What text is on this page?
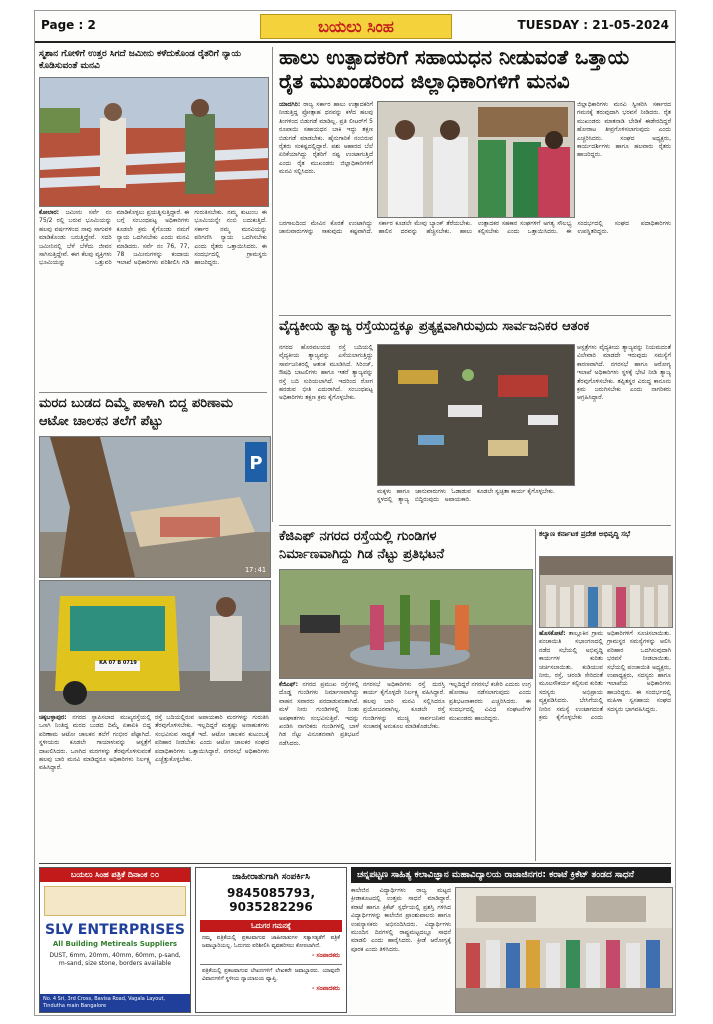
Page : 2	ಬಯಲು ಸಿಂಹ	TUESDAY : 21-05-2024
ಸ್ಮಶಾನ ಗೋಳಿಗೆ ಉತ್ತರ ಸಿಗದೆ ಜಮೀನು ಕಳೆದುಕೊಂಡ ರೈತರಿಗೆ ನ್ಯಾಯ ಕೊಡಿಸುವಂತೆ ಮನವಿ
ಕೋಲಾರ: ಜಮೀನು ಸರ್ವೆ ನಂ 75/2 ರಲ್ಲಿ ಬರುವ ಭೂಮಿಯನ್ನು ಹಲವು ವರ್ಷಗಳಿಂದ ನಾವು ಸಾಗುವಳಿ ಮಾಡಿಕೊಂಡು ಬರುತ್ತಿದ್ದೇವೆ. ಸದರಿ ಜಮೀನಿನಲ್ಲಿ ಬೆಳೆ ಬೆಳೆದು ಜೀವನ ಸಾಗಿಸುತ್ತಿದ್ದೇವೆ. ಈಗ ಕೆಲವು ವ್ಯಕ್ತಿಗಳು ಭೂಮಿಯನ್ನು ಒತ್ತುವರಿ ಮಾಡಿಕೊಳ್ಳಲು ಪ್ರಯತ್ನಿಸುತ್ತಿದ್ದಾರೆ. ಈ ಬಗ್ಗೆ ಸಂಬಂಧಪಟ್ಟ ಅಧಿಕಾರಿಗಳು ಕೂಡಲೇ ಕ್ರಮ ಕೈಗೊಂಡು ನಮಗೆ ನ್ಯಾಯ ಒದಗಿಸಬೇಕು ಎಂದು ಮನವಿ ಮಾಡಿದರು. ಸರ್ವೆ ನಂ 76, 77, 78 ಜಮೀನುಗಳನ್ನು ಕಂದಾಯ ಇಲಾಖೆ ಅಧಿಕಾರಿಗಳು ಪರಿಶೀಲಿಸಿ ಗಡಿ ಗುರುತಿಸಬೇಕು. ನಮ್ಮ ಕುಟುಂಬ ಈ ಭೂಮಿಯನ್ನೇ ನಂಬಿ ಬದುಕುತ್ತಿದೆ. ಸರ್ಕಾರ ನಮ್ಮ ಮನವಿಯನ್ನು ಪರಿಗಣಿಸಿ ನ್ಯಾಯ ಒದಗಿಸಬೇಕು ಎಂದು ರೈತರು ಒತ್ತಾಯಿಸಿದರು. ಈ ಸಂದರ್ಭದಲ್ಲಿ ಗ್ರಾಮಸ್ಥರು ಹಾಜರಿದ್ದರು.
ಮರದ ಬುಡದ ದಿಮ್ಮೆ ಪಾಳಾಗಿ ಬಿದ್ದ ಪರಿಣಾಮ ಆಟೋ ಚಾಲಕನ ತಲೆಗೆ ಪೆಟ್ಟು
P
17:41
KA 07 B 0719
ಚಿಕ್ಕಬಳ್ಳಾಪುರ: ನಗರದ ಸ್ಥಾಪಿಸಲಾದ ಮುಖ್ಯರಸ್ತೆಯಲ್ಲಿ ಒಣಗಿ ನಿಂತಿದ್ದ ಮರದ ಬುಡದ ದಿಮ್ಮೆ ಏಕಾಏಕಿ ಬಿದ್ದ ಪರಿಣಾಮ ಆಟೋ ಚಾಲಕನ ತಲೆಗೆ ಗಂಭೀರ ಪೆಟ್ಟಾಗಿದೆ. ಸ್ಥಳೀಯರು ಕೂಡಲೇ ಗಾಯಾಳುವನ್ನು ಆಸ್ಪತ್ರೆಗೆ ದಾಖಲಿಸಿದರು. ಒಣಗಿದ ಮರಗಳನ್ನು ತೆರವುಗೊಳಿಸುವಂತೆ ಹಲವು ಬಾರಿ ಮನವಿ ಮಾಡಿದ್ದರೂ ಅಧಿಕಾರಿಗಳು ನಿರ್ಲಕ್ಷ್ಯ ವಹಿಸಿದ್ದಾರೆ.
ರಸ್ತೆ ಬದಿಯಲ್ಲಿರುವ ಅಪಾಯಕಾರಿ ಮರಗಳನ್ನು ಗುರುತಿಸಿ ತೆರವುಗೊಳಿಸಬೇಕು. ಇಲ್ಲದಿದ್ದರೆ ಮತ್ತಷ್ಟು ಅನಾಹುತಗಳು ಸಂಭವಿಸುವ ಸಾಧ್ಯತೆ ಇದೆ. ಆಟೋ ಚಾಲಕನ ಕುಟುಂಬಕ್ಕೆ ಪರಿಹಾರ ನೀಡಬೇಕು ಎಂದು ಆಟೋ ಚಾಲಕರ ಸಂಘದ ಪದಾಧಿಕಾರಿಗಳು ಒತ್ತಾಯಿಸಿದ್ದಾರೆ. ನಗರಸಭೆ ಅಧಿಕಾರಿಗಳು ಎಚ್ಚೆತ್ತುಕೊಳ್ಳಬೇಕು.
ಹಾಲು ಉತ್ಪಾದಕರಿಗೆ ಸಹಾಯಧನ ನೀಡುವಂತೆ ಒತ್ತಾಯ
ರೈತ ಮುಖಂಡರಿಂದ ಜಿಲ್ಲಾಧಿಕಾರಿಗಳಿಗೆ ಮನವಿ
ಯಾದಗಿರಿ: ರಾಜ್ಯ ಸರ್ಕಾರ ಹಾಲು ಉತ್ಪಾದಕರಿಗೆ ನೀಡುತ್ತಿದ್ದ ಪ್ರೋತ್ಸಾಹ ಧನವನ್ನು ಕಳೆದ ಹಲವು ತಿಂಗಳಿಂದ ಬಿಡುಗಡೆ ಮಾಡಿಲ್ಲ. ಪ್ರತಿ ಲೀಟರ್‌ಗೆ 5 ರೂಪಾಯಿ ಸಹಾಯಧನ ಬಾಕಿ ಇದ್ದು ತಕ್ಷಣ ಬಿಡುಗಡೆ ಮಾಡಬೇಕು. ಹೈನುಗಾರಿಕೆ ನಂಬಿರುವ ರೈತರು ಸಂಕಷ್ಟದಲ್ಲಿದ್ದಾರೆ. ಪಶು ಆಹಾರದ ಬೆಲೆ ಏರಿಕೆಯಾಗಿದ್ದು ರೈತರಿಗೆ ನಷ್ಟ ಉಂಟಾಗುತ್ತಿದೆ ಎಂದು ರೈತ ಮುಖಂಡರು ಜಿಲ್ಲಾಧಿಕಾರಿಗಳಿಗೆ ಮನವಿ ಸಲ್ಲಿಸಿದರು.
ಜಿಲ್ಲಾಧಿಕಾರಿಗಳು ಮನವಿ ಸ್ವೀಕರಿಸಿ ಸರ್ಕಾರದ ಗಮನಕ್ಕೆ ತರುವುದಾಗಿ ಭರವಸೆ ನೀಡಿದರು. ರೈತ ಮುಖಂಡರು ಮಾತನಾಡಿ ಬೇಡಿಕೆ ಈಡೇರದಿದ್ದರೆ ಹೋರಾಟ ತೀವ್ರಗೊಳಿಸಲಾಗುವುದು ಎಂದು ಎಚ್ಚರಿಸಿದರು. ಸಂಘದ ಅಧ್ಯಕ್ಷರು, ಕಾರ್ಯದರ್ಶಿಗಳು ಹಾಗೂ ಹಲವಾರು ರೈತರು ಹಾಜರಿದ್ದರು.
ಬರಗಾಲದಿಂದ ಮೇವಿನ ಕೊರತೆ ಉಂಟಾಗಿದ್ದು ಜಾನುವಾರುಗಳನ್ನು ಸಾಕುವುದು ಕಷ್ಟವಾಗಿದೆ. ಸರ್ಕಾರ ಕೂಡಲೇ ಮೇವು ಬ್ಯಾಂಕ್ ತೆರೆಯಬೇಕು. ಹಾಲಿನ ದರವನ್ನು ಹೆಚ್ಚಿಸಬೇಕು. ಹಾಲು ಉತ್ಪಾದಕರ ಸಹಕಾರ ಸಂಘಗಳಿಗೆ ಅಗತ್ಯ ಸೌಲಭ್ಯ ಕಲ್ಪಿಸಬೇಕು ಎಂದು ಒತ್ತಾಯಿಸಿದರು. ಈ ಸಂದರ್ಭದಲ್ಲಿ ಸಂಘದ ಪದಾಧಿಕಾರಿಗಳು ಉಪಸ್ಥಿತರಿದ್ದರು.
ವೈದ್ಯಕೀಯ ತ್ಯಾಜ್ಯ ರಸ್ತೆಯುದ್ದಕ್ಕೂ ಪ್ರತ್ಯಕ್ಷವಾಗಿರುವುದು ಸಾರ್ವಜನಿಕರ ಆತಂಕ
ನಗರದ ಹೊರವಲಯದ ರಸ್ತೆ ಬದಿಯಲ್ಲಿ ವೈದ್ಯಕೀಯ ತ್ಯಾಜ್ಯವನ್ನು ಎಸೆಯಲಾಗುತ್ತಿದ್ದು ಸಾರ್ವಜನಿಕರಲ್ಲಿ ಆತಂಕ ಮೂಡಿಸಿದೆ. ಸಿರಿಂಜ್, ಔಷಧಿ ಬಾಟಲಿಗಳು ಹಾಗೂ ಇತರೆ ತ್ಯಾಜ್ಯವನ್ನು ರಸ್ತೆ ಬದಿ ಸುರಿಯಲಾಗಿದೆ. ಇದರಿಂದ ರೋಗ ಹರಡುವ ಭೀತಿ ಎದುರಾಗಿದೆ. ಸಂಬಂಧಪಟ್ಟ ಅಧಿಕಾರಿಗಳು ತಕ್ಷಣ ಕ್ರಮ ಕೈಗೊಳ್ಳಬೇಕು.
ಆಸ್ಪತ್ರೆಗಳು ವೈದ್ಯಕೀಯ ತ್ಯಾಜ್ಯವನ್ನು ನಿಯಮದಂತೆ ವಿಲೇವಾರಿ ಮಾಡದೇ ಇರುವುದು ಸಮಸ್ಯೆಗೆ ಕಾರಣವಾಗಿದೆ. ನಗರಸಭೆ ಹಾಗೂ ಆರೋಗ್ಯ ಇಲಾಖೆ ಅಧಿಕಾರಿಗಳು ಸ್ಥಳಕ್ಕೆ ಭೇಟಿ ನೀಡಿ ತ್ಯಾಜ್ಯ ತೆರವುಗೊಳಿಸಬೇಕು. ತಪ್ಪಿತಸ್ಥರ ವಿರುದ್ಧ ಕಾನೂನು ಕ್ರಮ ಜರುಗಿಸಬೇಕು ಎಂದು ನಾಗರಿಕರು ಆಗ್ರಹಿಸಿದ್ದಾರೆ.
ಮಕ್ಕಳು ಹಾಗೂ ಜಾನುವಾರುಗಳು ಓಡಾಡುವ ಸ್ಥಳದಲ್ಲಿ ತ್ಯಾಜ್ಯ ಬಿದ್ದಿರುವುದು ಅಪಾಯಕಾರಿ. ಕೂಡಲೇ ಸ್ವಚ್ಛತಾ ಕಾರ್ಯ ಕೈಗೊಳ್ಳಬೇಕು.
ಕೆಜಿಎಫ್ ನಗರದ ರಸ್ತೆಯಲ್ಲಿ ಗುಂಡಿಗಳ
ನಿರ್ಮಾಣವಾಗಿದ್ದು ಗಿಡ ನೆಟ್ಟು ಪ್ರತಿಭಟನೆ
ಕೆಜಿಎಫ್: ನಗರದ ಪ್ರಮುಖ ರಸ್ತೆಗಳಲ್ಲಿ ದೊಡ್ಡ ಗುಂಡಿಗಳು ನಿರ್ಮಾಣವಾಗಿದ್ದು ವಾಹನ ಸವಾರರು ಪರದಾಡುವಂತಾಗಿದೆ. ಮಳೆ ನೀರು ಗುಂಡಿಗಳಲ್ಲಿ ನಿಂತು ಅಪಘಾತಗಳು ಸಂಭವಿಸುತ್ತಿವೆ. ಇದನ್ನು ಖಂಡಿಸಿ ನಾಗರಿಕರು ಗುಂಡಿಗಳಲ್ಲಿ ಬಾಳೆ ಗಿಡ ನೆಟ್ಟು ವಿನೂತನವಾಗಿ ಪ್ರತಿಭಟನೆ ನಡೆಸಿದರು.
ನಗರಸಭೆ ಅಧಿಕಾರಿಗಳು ರಸ್ತೆ ದುರಸ್ತಿ ಕಾರ್ಯ ಕೈಗೊಳ್ಳದೇ ನಿರ್ಲಕ್ಷ್ಯ ವಹಿಸಿದ್ದಾರೆ. ಹಲವು ಬಾರಿ ಮನವಿ ಸಲ್ಲಿಸಿದರೂ ಪ್ರಯೋಜನವಾಗಿಲ್ಲ. ಕೂಡಲೇ ರಸ್ತೆ ಗುಂಡಿಗಳನ್ನು ಮುಚ್ಚಿ ಸಾರ್ವಜನಿಕರ ಸಂಚಾರಕ್ಕೆ ಅನುಕೂಲ ಮಾಡಿಕೊಡಬೇಕು.
ಇಲ್ಲದಿದ್ದರೆ ನಗರಸಭೆ ಕಚೇರಿ ಎದುರು ಉಗ್ರ ಹೋರಾಟ ನಡೆಸಲಾಗುವುದು ಎಂದು ಪ್ರತಿಭಟನಾಕಾರರು ಎಚ್ಚರಿಸಿದರು. ಈ ಸಂದರ್ಭದಲ್ಲಿ ವಿವಿಧ ಸಂಘಟನೆಗಳ ಮುಖಂಡರು ಹಾಜರಿದ್ದರು.
ಕಲ್ಯಾಣ ಕರ್ನಾಟಕ ಪ್ರದೇಶ ಅಭಿವೃದ್ಧಿ ಸಭೆ
ಹೊಸಕೋಟೆ: ತಾಲ್ಲೂಕಿನ ಗ್ರಾಮ ಪಂಚಾಯಿತಿ ಸಭಾಂಗಣದಲ್ಲಿ ನಡೆದ ಸಭೆಯಲ್ಲಿ ಅಭಿವೃದ್ಧಿ ಕಾರ್ಯಗಳ ಕುರಿತು ಚರ್ಚಿಸಲಾಯಿತು. ಕುಡಿಯುವ ನೀರು, ರಸ್ತೆ, ಚರಂಡಿ ಸೇರಿದಂತೆ ಮೂಲಸೌಕರ್ಯ ಕಲ್ಪಿಸುವ ಕುರಿತು ಸದಸ್ಯರು ಅಭಿಪ್ರಾಯ ವ್ಯಕ್ತಪಡಿಸಿದರು. ಬೇಸಿಗೆಯಲ್ಲಿ ನೀರಿನ ಸಮಸ್ಯೆ ಉಂಟಾಗದಂತೆ ಕ್ರಮ ಕೈಗೊಳ್ಳಬೇಕು ಎಂದು ಅಧಿಕಾರಿಗಳಿಗೆ ಸೂಚಿಸಲಾಯಿತು. ಗ್ರಾಮಸ್ಥರ ಸಮಸ್ಯೆಗಳನ್ನು ಆಲಿಸಿ ಪರಿಹಾರ ಒದಗಿಸುವುದಾಗಿ ಭರವಸೆ ನೀಡಲಾಯಿತು. ಸಭೆಯಲ್ಲಿ ಪಂಚಾಯಿತಿ ಅಧ್ಯಕ್ಷರು, ಉಪಾಧ್ಯಕ್ಷರು, ಸದಸ್ಯರು ಹಾಗೂ ಇಲಾಖೆಯ ಅಧಿಕಾರಿಗಳು ಹಾಜರಿದ್ದರು. ಈ ಸಂದರ್ಭದಲ್ಲಿ ಮಹಿಳಾ ಸ್ವಸಹಾಯ ಸಂಘದ ಸದಸ್ಯರು ಭಾಗವಹಿಸಿದ್ದರು.
ಬಯಲು ಸಿಂಹ ಪತ್ರಿಕೆ ದಿನಾಂಕ ೦೦
SLV ENTERPRISES
All Building Metireals Suppliers
DUST, 6mm, 20mm, 40mm, 60mm, p-sand, m-sand, size stone, borders available
No. 4 Sri, 3rd Cross, Bavisa Road, Vagala Layout, Tindutha main Bangalore
ಜಾಹೀರಾತುಗಾಗಿ ಸಂಪರ್ಕಿಸಿ
9845085793, 9035282296
ಓದುಗರ ಗಮನಕ್ಕೆ
ನಮ್ಮ ಪತ್ರಿಕೆಯಲ್ಲಿ ಪ್ರಕಟವಾಗುವ ಜಾಹೀರಾತುಗಳ ಸತ್ಯಾಸತ್ಯತೆಗೆ ಪತ್ರಿಕೆ ಜವಾಬ್ದಾರಿಯಲ್ಲ. ಓದುಗರು ಪರಿಶೀಲಿಸಿ ವ್ಯವಹರಿಸಲು ಕೋರಲಾಗಿದೆ.
- ಸಂಪಾದಕರು
ಪತ್ರಿಕೆಯಲ್ಲಿ ಪ್ರಕಟವಾಗುವ ಲೇಖನಗಳಿಗೆ ಲೇಖಕರೇ ಜವಾಬ್ದಾರರು. ಯಾವುದೇ ವಿವಾದಗಳಿಗೆ ಸ್ಥಳೀಯ ನ್ಯಾಯಾಲಯ ವ್ಯಾಪ್ತಿ.
- ಸಂಪಾದಕರು
ಚನ್ನಪಟ್ಟಣ ಸಾಹಿತ್ಯ ಕಲಾವಿಜ್ಞಾನ ಮಹಾವಿದ್ಯಾಲಯ ರಾಜಾಜಿನಗರ: ಕರಾಟೆ ಕ್ರಿಕೆಟ್ ತಂಡದ ಸಾಧನೆ
ಕಾಲೇಜಿನ ವಿದ್ಯಾರ್ಥಿಗಳು ರಾಜ್ಯ ಮಟ್ಟದ ಕ್ರೀಡಾಕೂಟದಲ್ಲಿ ಉತ್ತಮ ಸಾಧನೆ ಮಾಡಿದ್ದಾರೆ. ಕರಾಟೆ ಹಾಗೂ ಕ್ರಿಕೆಟ್ ಸ್ಪರ್ಧೆಯಲ್ಲಿ ಪ್ರಶಸ್ತಿ ಗಳಿಸಿದ ವಿದ್ಯಾರ್ಥಿಗಳನ್ನು ಕಾಲೇಜಿನ ಪ್ರಾಂಶುಪಾಲರು ಹಾಗೂ ಉಪನ್ಯಾಸಕರು ಅಭಿನಂದಿಸಿದರು. ವಿದ್ಯಾರ್ಥಿಗಳು ಮುಂದಿನ ದಿನಗಳಲ್ಲಿ ರಾಷ್ಟ್ರಮಟ್ಟದಲ್ಲೂ ಸಾಧನೆ ಮಾಡಲಿ ಎಂದು ಹಾರೈಸಿದರು. ಕ್ರೀಡೆ ಆರೋಗ್ಯಕ್ಕೆ ಪೂರಕ ಎಂದು ತಿಳಿಸಿದರು.
